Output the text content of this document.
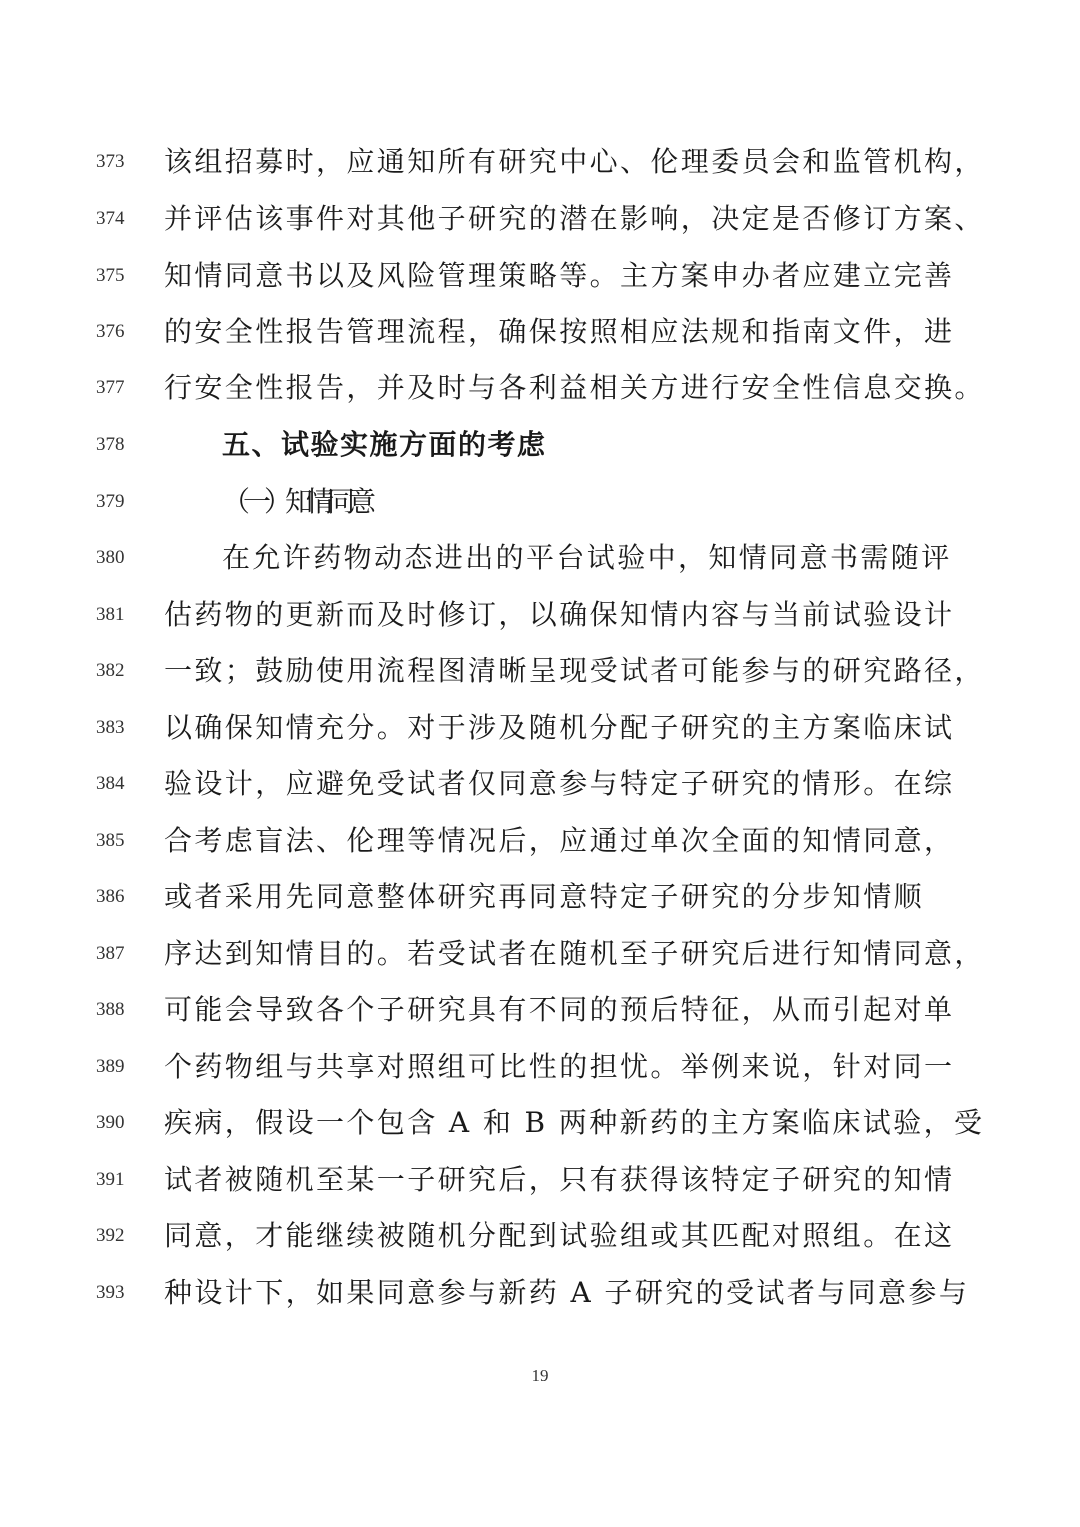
373	该组招募时，应通知所有研究中心、伦理委员会和监管机构，
374	并评估该事件对其他子研究的潜在影响，决定是否修订方案、
375	知情同意书以及风险管理策略等。主方案申办者应建立完善
376	的安全性报告管理流程，确保按照相应法规和指南文件，进
377	行安全性报告，并及时与各利益相关方进行安全性信息交换。
378	五、试验实施方面的考虑
379	（一）知情同意
380	在允许药物动态进出的平台试验中，知情同意书需随评
381	估药物的更新而及时修订，以确保知情内容与当前试验设计
382	一致；鼓励使用流程图清晰呈现受试者可能参与的研究路径，
383	以确保知情充分。对于涉及随机分配子研究的主方案临床试
384	验设计，应避免受试者仅同意参与特定子研究的情形。在综
385	合考虑盲法、伦理等情况后，应通过单次全面的知情同意，
386	或者采用先同意整体研究再同意特定子研究的分步知情顺
387	序达到知情目的。若受试者在随机至子研究后进行知情同意，
388	可能会导致各个子研究具有不同的预后特征，从而引起对单
389	个药物组与共享对照组可比性的担忧。举例来说，针对同一
390	疾病，假设一个包含 A 和 B 两种新药的主方案临床试验，受
391	试者被随机至某一子研究后，只有获得该特定子研究的知情
392	同意，才能继续被随机分配到试验组或其匹配对照组。在这
393	种设计下，如果同意参与新药 A 子研究的受试者与同意参与
19
